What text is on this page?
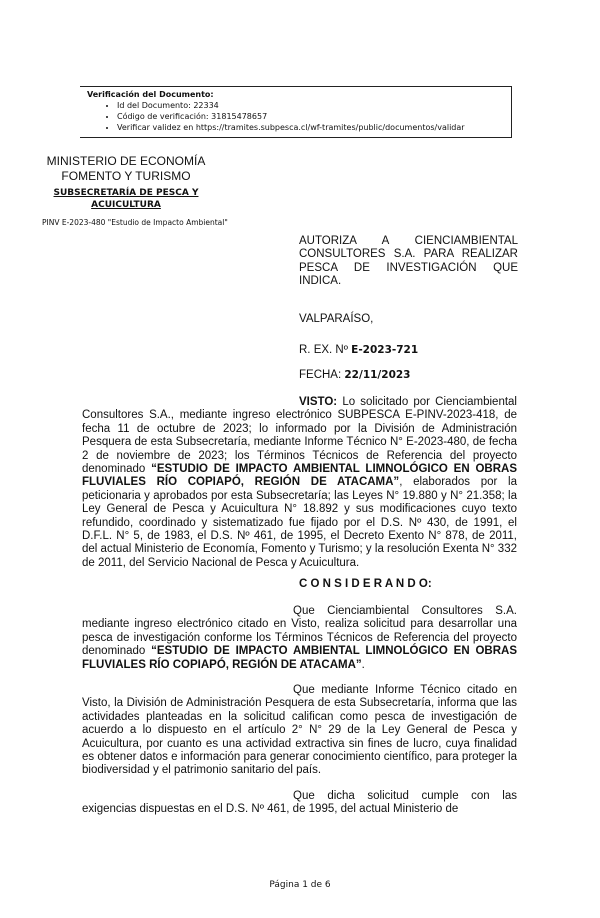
Verificación del Documento:
• Id del Documento: 22334
• Código de verificación: 31815478657
• Verificar validez en https://tramites.subpesca.cl/wf-tramites/public/documentos/validar
MINISTERIO DE ECONOMÍA
FOMENTO Y TURISMO
SUBSECRETARÍA DE PESCA Y ACUICULTURA
PINV E-2023-480 "Estudio de Impacto Ambiental"
AUTORIZA A CIENCIAMBIENTAL CONSULTORES S.A. PARA REALIZAR PESCA DE INVESTIGACIÓN QUE INDICA.
VALPARAÍSO,
R. EX. Nº E-2023-721
FECHA: 22/11/2023
VISTO: Lo solicitado por Cienciambiental Consultores S.A., mediante ingreso electrónico SUBPESCA E-PINV-2023-418, de fecha 11 de octubre de 2023; lo informado por la División de Administración Pesquera de esta Subsecretaría, mediante Informe Técnico N° E-2023-480, de fecha 2 de noviembre de 2023; los Términos Técnicos de Referencia del proyecto denominado “ESTUDIO DE IMPACTO AMBIENTAL LIMNOLÓGICO EN OBRAS FLUVIALES RÍO COPIAPÓ, REGIÓN DE ATACAMA”, elaborados por la peticionaria y aprobados por esta Subsecretaría; las Leyes N° 19.880 y N° 21.358; la Ley General de Pesca y Acuicultura N° 18.892 y sus modificaciones cuyo texto refundido, coordinado y sistematizado fue fijado por el D.S. Nº 430, de 1991, el D.F.L. N° 5, de 1983, el D.S. Nº 461, de 1995, el Decreto Exento N° 878, de 2011, del actual Ministerio de Economía, Fomento y Turismo; y la resolución Exenta N° 332 de 2011, del Servicio Nacional de Pesca y Acuicultura.
C O N S I D E R A N D O:
Que Cienciambiental Consultores S.A. mediante ingreso electrónico citado en Visto, realiza solicitud para desarrollar una pesca de investigación conforme los Términos Técnicos de Referencia del proyecto denominado “ESTUDIO DE IMPACTO AMBIENTAL LIMNOLÓGICO EN OBRAS FLUVIALES RÍO COPIAPÓ, REGIÓN DE ATACAMA”.
Que mediante Informe Técnico citado en Visto, la División de Administración Pesquera de esta Subsecretaría, informa que las actividades planteadas en la solicitud califican como pesca de investigación de acuerdo a lo dispuesto en el artículo 2° N° 29 de la Ley General de Pesca y Acuicultura, por cuanto es una actividad extractiva sin fines de lucro, cuya finalidad es obtener datos e información para generar conocimiento científico, para proteger la biodiversidad y el patrimonio sanitario del país.
Que dicha solicitud cumple con las exigencias dispuestas en el D.S. Nº 461, de 1995, del actual Ministerio de
Página 1 de 6
